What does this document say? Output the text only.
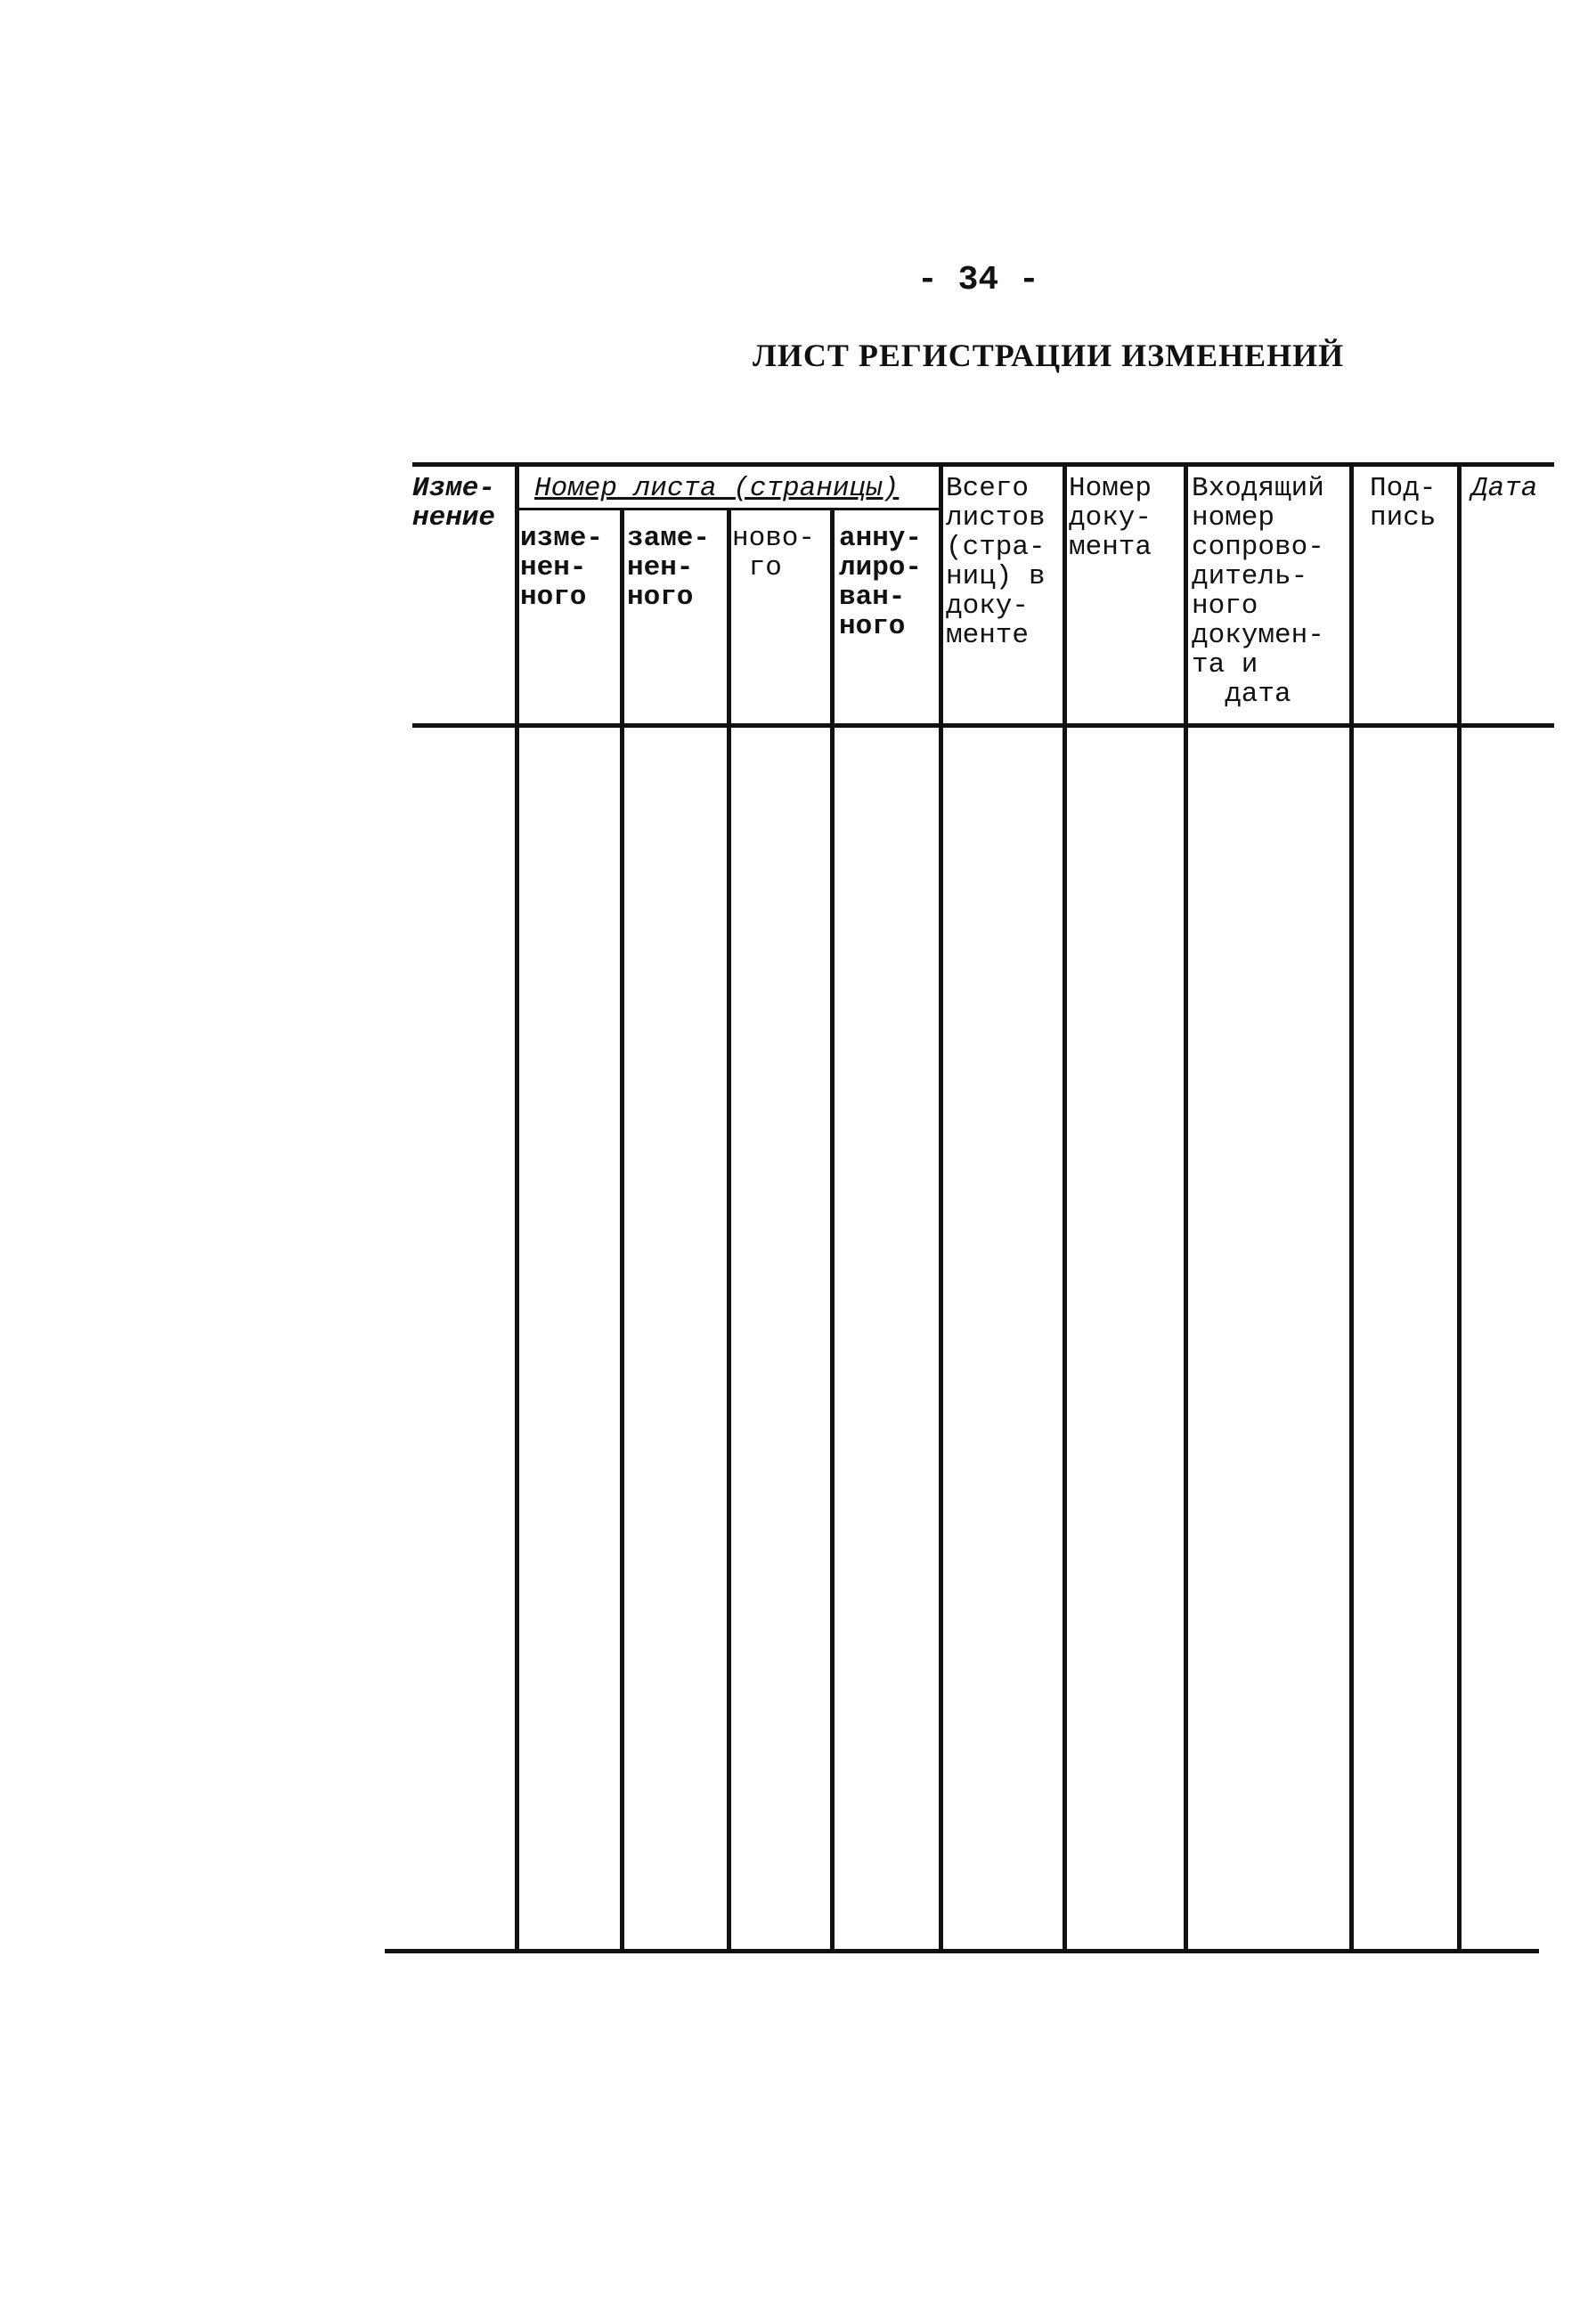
- 34 -
ЛИСТ РЕГИСТРАЦИИ ИЗМЕНЕНИЙ
Изме-
нение
Номер листа (страницы)
изме-
нен-
ного
заме-
нен-
ного
ново-
го
анну-
лиро-
ван-
ного
Всего
листов
(стра-
ниц) в
доку-
менте
Номер
доку-
мента
Входящий
номер
сопрово-
дитель-
ного
докумен-
та и
дата
Под-
пись
Дата
